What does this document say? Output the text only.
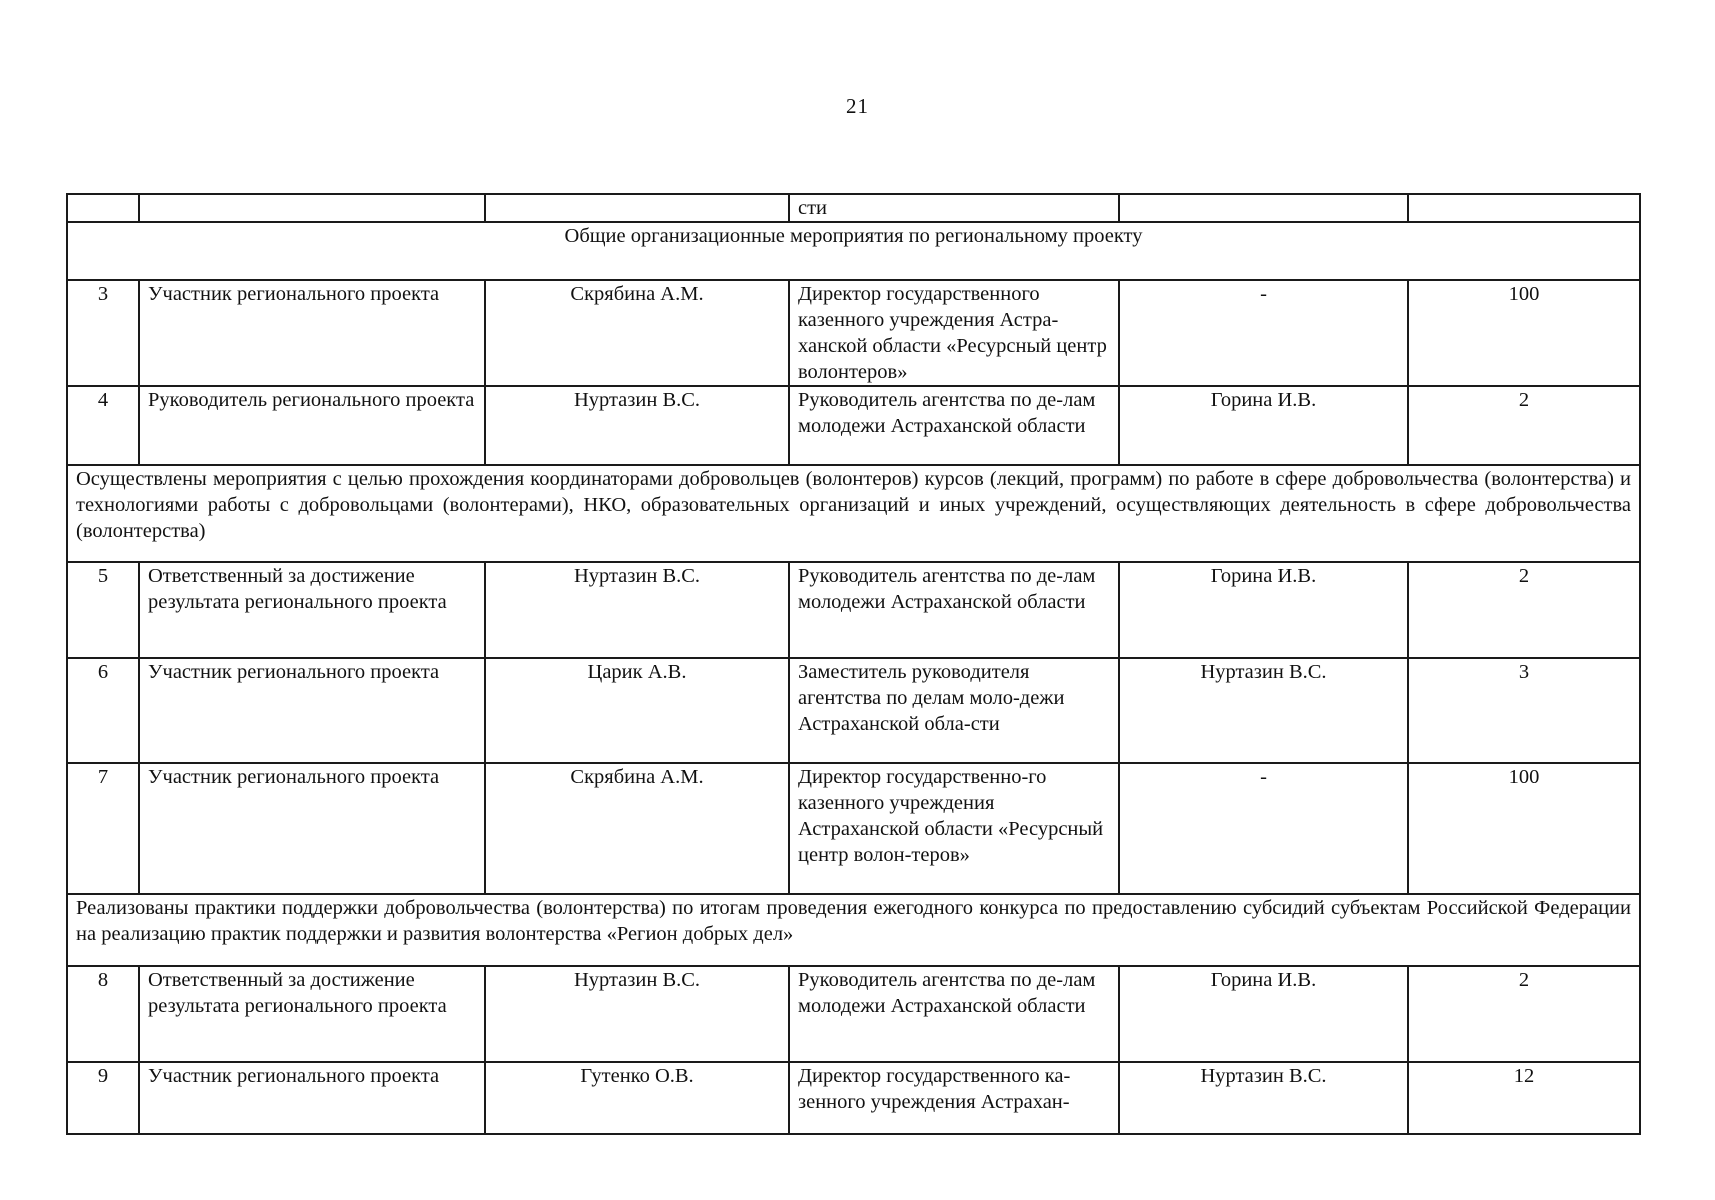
21
			сти		
Общие организационные мероприятия по региональному проекту					
3	Участник регионального проекта	Скрябина А.М.	Директор государственного казенного учреждения Астра-ханской области «Ресурсный центр волонтеров»	-	100
4	Руководитель регионального проекта	Нуртазин В.С.	Руководитель агентства по де-лам молодежи Астраханской области	Горина И.В.	2
Осуществлены мероприятия с целью прохождения координаторами добровольцев (волонтеров) курсов (лекций, программ) по работе в сфере добровольчества (волонтерства) и технологиями работы с добровольцами (волонтерами), НКО, образовательных организаций и иных учреждений, осуществляющих деятельность в сфере добровольчества (волонтерства)					
5	Ответственный за достижение результата регионального проекта	Нуртазин В.С.	Руководитель агентства по де-лам молодежи Астраханской области	Горина И.В.	2
6	Участник регионального проекта	Царик А.В.	Заместитель руководителя агентства по делам моло-дежи Астраханской обла-сти	Нуртазин В.С.	3
7	Участник регионального проекта	Скрябина А.М.	Директор государственно-го казенного учреждения Астраханской области «Ресурсный центр волон-теров»	-	100
Реализованы практики поддержки добровольчества (волонтерства) по итогам проведения ежегодного конкурса по предоставлению субсидий субъектам Российской Федерации на реализацию практик поддержки и развития волонтерства «Регион добрых дел»					
8	Ответственный за достижение результата регионального проекта	Нуртазин В.С.	Руководитель агентства по де-лам молодежи Астраханской области	Горина И.В.	2
9	Участник регионального проекта	Гутенко О.В.	Директор государственного ка-зенного учреждения Астрахан-	Нуртазин В.С.	12
